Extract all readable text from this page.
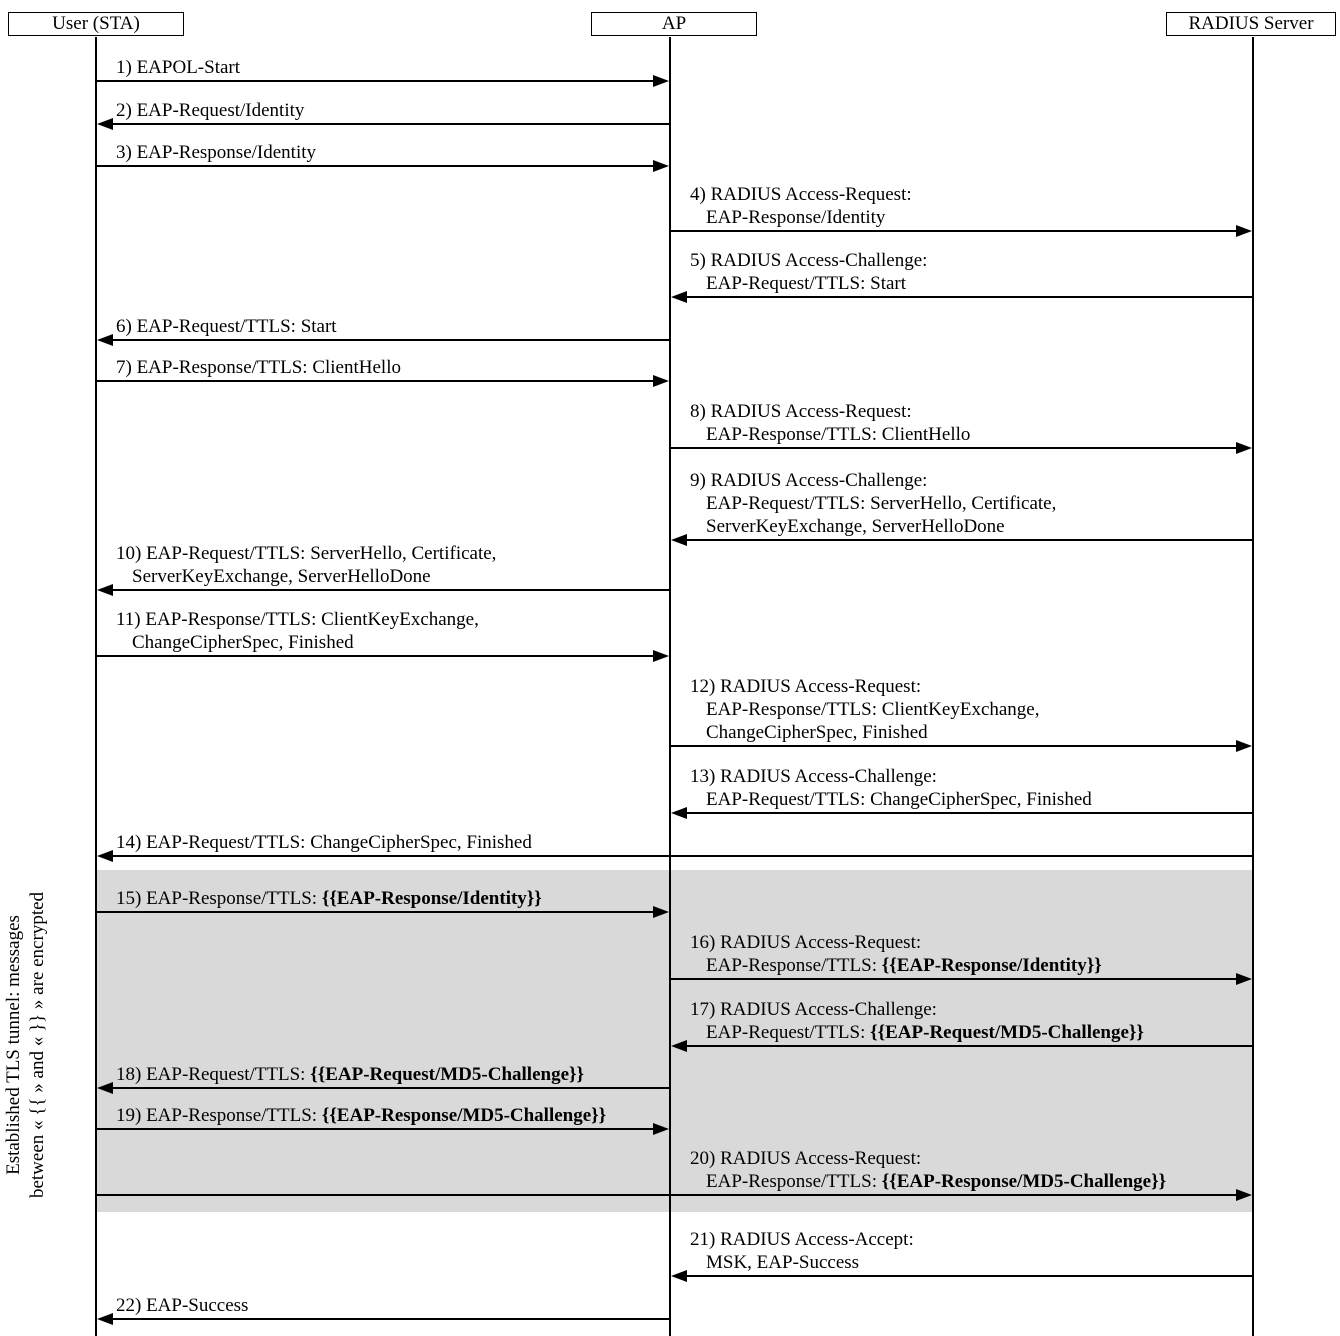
User (STA)	AP	RADIUS Server
Established TLS tunnel: messages between « {{ » and « }} » are encrypted
1) EAPOL-Start
2) EAP-Request/Identity
3) EAP-Response/Identity
4) RADIUS Access-Request:
EAP-Response/Identity
5) RADIUS Access-Challenge:
EAP-Request/TTLS: Start
6) EAP-Request/TTLS: Start
7) EAP-Response/TTLS: ClientHello
8) RADIUS Access-Request:
EAP-Response/TTLS: ClientHello
9) RADIUS Access-Challenge:
EAP-Request/TTLS: ServerHello, Certificate,
ServerKeyExchange, ServerHelloDone
10) EAP-Request/TTLS: ServerHello, Certificate,
ServerKeyExchange, ServerHelloDone
11) EAP-Response/TTLS: ClientKeyExchange,
ChangeCipherSpec, Finished
12) RADIUS Access-Request:
EAP-Response/TTLS: ClientKeyExchange,
ChangeCipherSpec, Finished
13) RADIUS Access-Challenge:
EAP-Request/TTLS: ChangeCipherSpec, Finished
14) EAP-Request/TTLS: ChangeCipherSpec, Finished
15) EAP-Response/TTLS: {{EAP-Response/Identity}}
16) RADIUS Access-Request:
EAP-Response/TTLS: {{EAP-Response/Identity}}
17) RADIUS Access-Challenge:
EAP-Request/TTLS: {{EAP-Request/MD5-Challenge}}
18) EAP-Request/TTLS: {{EAP-Request/MD5-Challenge}}
19) EAP-Response/TTLS: {{EAP-Response/MD5-Challenge}}
20) RADIUS Access-Request:
EAP-Response/TTLS: {{EAP-Response/MD5-Challenge}}
21) RADIUS Access-Accept:
MSK, EAP-Success
22) EAP-Success
